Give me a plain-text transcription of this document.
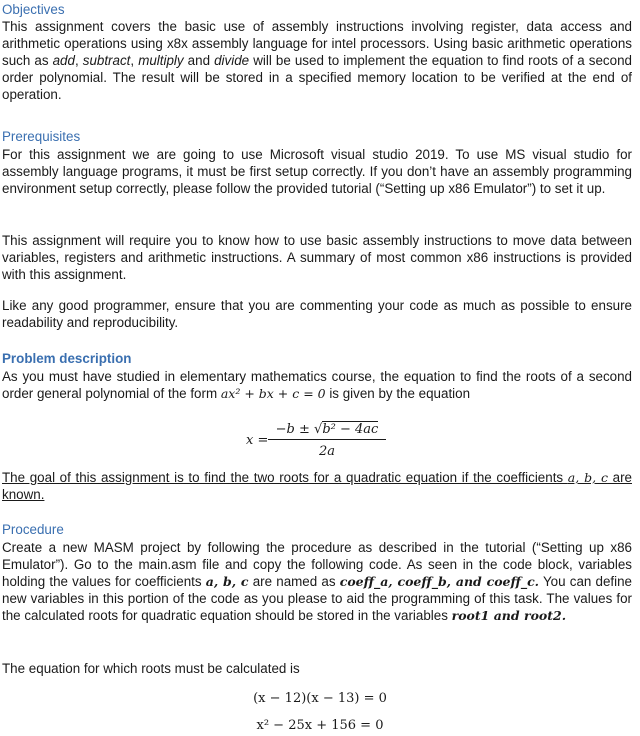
Objectives

This assignment covers the basic use of assembly instructions involving register, data access and arithmetic operations using x8x assembly language for intel processors. Using basic arithmetic operations such as add, subtract, multiply and divide will be used to implement the equation to find roots of a second order polynomial. The result will be stored in a specified memory location to be verified at the end of operation.

Prerequisites

For this assignment we are going to use Microsoft visual studio 2019. To use MS visual studio for assembly language programs, it must be first setup correctly. If you don’t have an assembly programming environment setup correctly, please follow the provided tutorial (“Setting up x86 Emulator”) to set it up.

This assignment will require you to know how to use basic assembly instructions to move data between variables, registers and arithmetic instructions. A summary of most common x86 instructions is provided with this assignment.

Like any good programmer, ensure that you are commenting your code as much as possible to ensure readability and reproducibility.

Problem description

As you must have studied in elementary mathematics course, the equation to find the roots of a second order general polynomial of the form ax² + bx + c = 0 is given by the equation

x =
−b ± √b² − 4ac
2a

The goal of this assignment is to find the two roots for a quadratic equation if the coefficients a, b, c are known.

Procedure

Create a new MASM project by following the procedure as described in the tutorial (“Setting up x86 Emulator”). Go to the main.asm file and copy the following code. As seen in the code block, variables holding the values for coefficients a, b, c are named as coeff_a, coeff_b, and coeff_c. You can define new variables in this portion of the code as you please to aid the programming of this task. The values for the calculated roots for quadratic equation should be stored in the variables root1 and root2.

The equation for which roots must be calculated is

(x − 12)(x − 13) = 0
x² − 25x + 156 = 0
